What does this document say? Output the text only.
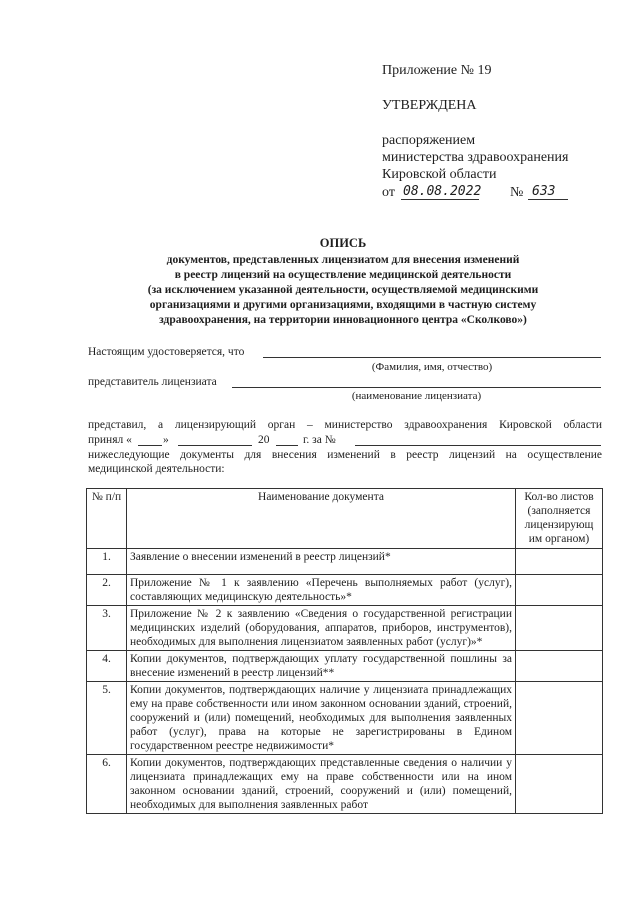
Приложение № 19
УТВЕРЖДЕНА
распоряжением
министерства здравоохранения
Кировской области
от 08.08.2022 № 633
ОПИСЬ
документов, представленных лицензиатом для внесения изменений
в реестр лицензий на осуществление медицинской деятельности
(за исключением указанной деятельности, осуществляемой медицинскими
организациями и другими организациями, входящими в частную систему
здравоохранения, на территории инновационного центра «Сколково»)
Настоящим удостоверяется, что
(Фамилия, имя, отчество)
представитель лицензиата
(наименование лицензиата)
представил, а лицензирующий орган – министерство здравоохранения Кировской области
принял «	»	20	г. за №
нижеследующие документы для внесения изменений в реестр лицензий на осуществление
медицинской деятельности:
№ п/п	Наименование документа	Кол-во листов (заполняется лицензирующ им органом)
1.	Заявление о внесении изменений в реестр лицензий*	
2.	Приложение № 1 к заявлению «Перечень выполняемых работ (услуг), составляющих медицинскую деятельность»*	
3.	Приложение № 2 к заявлению «Сведения о государственной регистрации медицинских изделий (оборудования, аппаратов, приборов, инструментов), необходимых для выполнения лицензиатом заявленных работ (услуг)»*	
4.	Копии документов, подтверждающих уплату государственной пошлины за внесение изменений в реестр лицензий**	
5.	Копии документов, подтверждающих наличие у лицензиата принадлежащих ему на праве собственности или ином законном основании зданий, строений, сооружений и (или) помещений, необходимых для выполнения заявленных работ (услуг), права на которые не зарегистрированы в Едином государственном реестре недвижимости*	
6.	Копии документов, подтверждающих представленные сведения о наличии у лицензиата принадлежащих ему на праве собственности или на ином законном основании зданий, строений, сооружений и (или) помещений, необходимых для выполнения заявленных работ	
